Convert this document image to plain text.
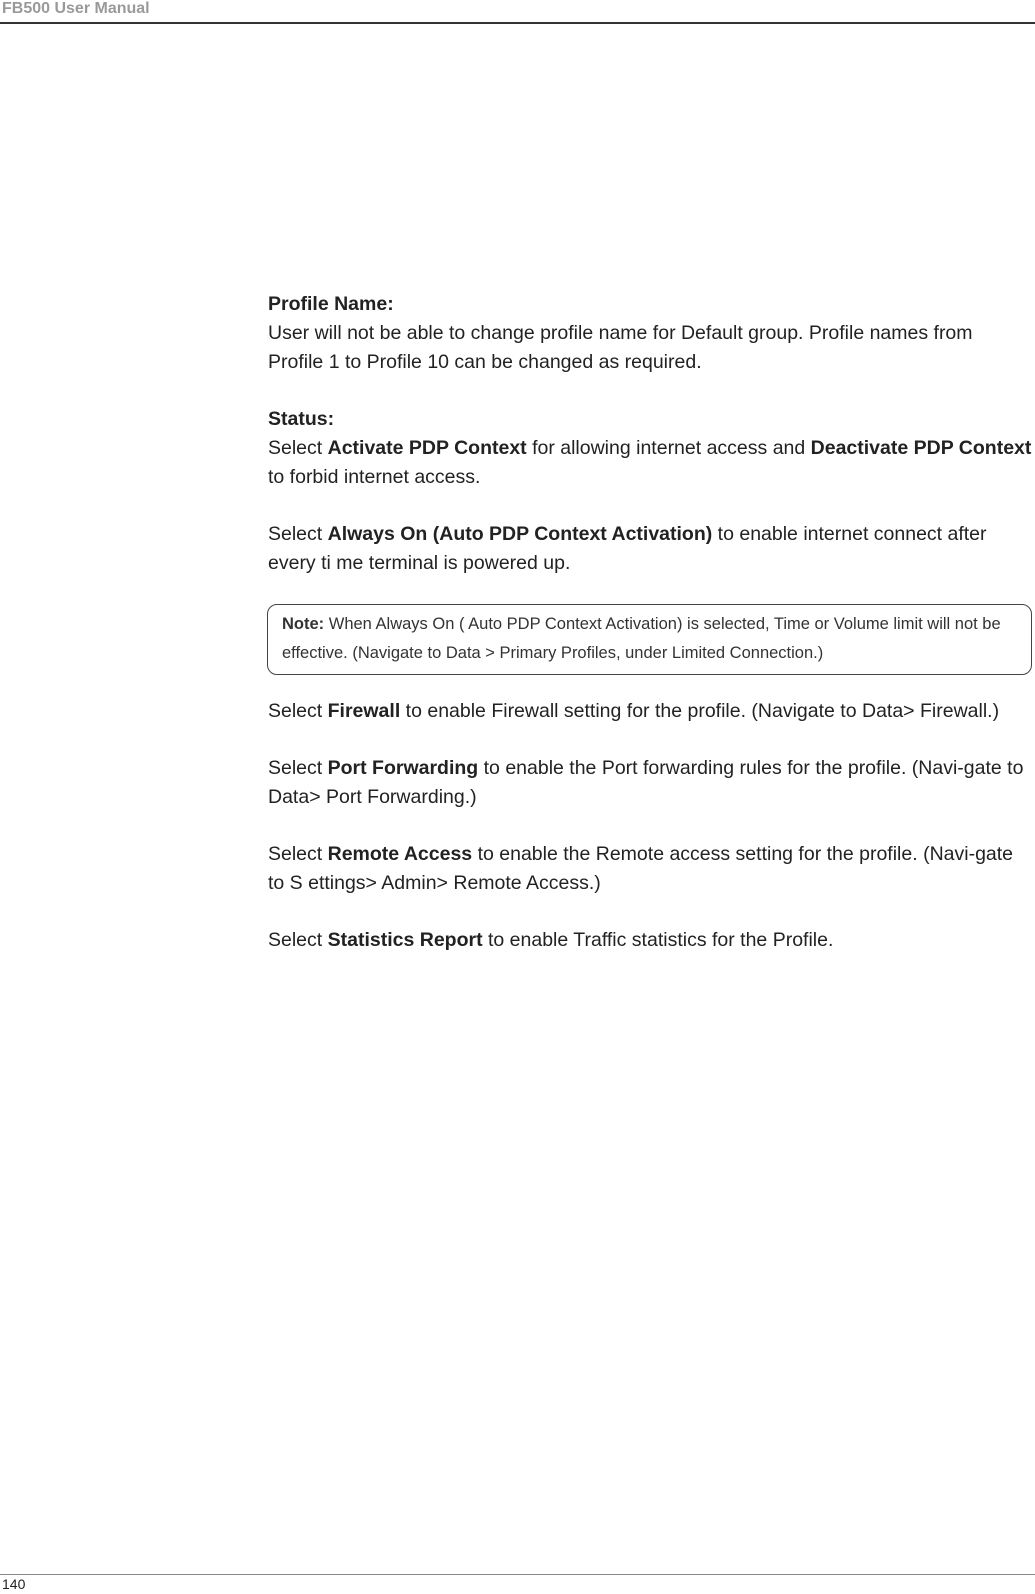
FB500 User Manual
Profile Name:
User will not be able to change profile name for Default group. Profile names from Profile 1 to Profile 10 can be changed as required.
Status:
Select Activate PDP Context for allowing internet access and Deactivate PDP Context to forbid internet access.
Select Always On (Auto PDP Context Activation) to enable internet connect after every ti me terminal is powered up.
Note: When Always On ( Auto PDP Context Activation) is selected, Time or Volume limit will not be effective. (Navigate to Data > Primary Profiles, under Limited Connection.)
Select Firewall to enable Firewall setting for the profile. (Navigate to Data> Firewall.)
Select Port Forwarding to enable the Port forwarding rules for the profile. (Navi-gate to Data> Port Forwarding.)
Select Remote Access to enable the Remote access setting for the profile. (Navi-gate to S ettings> Admin> Remote Access.)
Select Statistics Report to enable Traffic statistics for the Profile.
140
